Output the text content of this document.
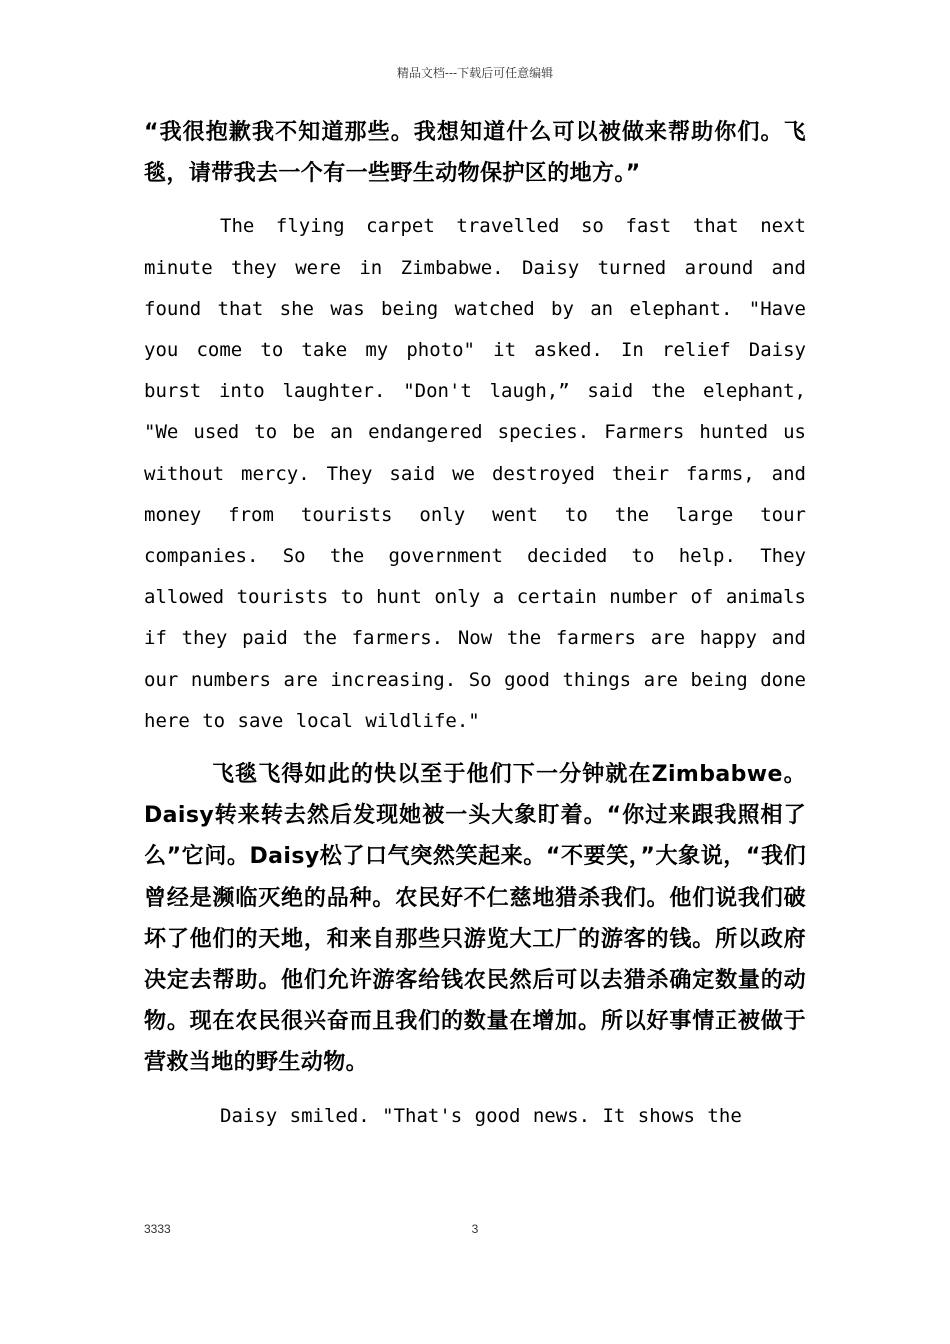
精品文档---下载后可任意编辑

“我很抱歉我不知道那些。我想知道什么可以被做来帮助你们。飞毯，请带我去一个有一些野生动物保护区的地方。”

The flying carpet travelled so fast that next minute they were in Zimbabwe. Daisy turned around and found that she was being watched by an elephant. "Have you come to take my photo" it asked. In relief Daisy burst into laughter. "Don't laugh,” said the elephant, "We used to be an endangered species. Farmers hunted us without mercy. They said we destroyed their farms, and money from tourists only went to the large tour companies. So the government decided to help. They allowed tourists to hunt only a certain number of animals if they paid the farmers. Now the farmers are happy and our numbers are increasing. So good things are being done here to save local wildlife."

飞毯飞得如此的快以至于他们下一分钟就在Zimbabwe。Daisy转来转去然后发现她被一头大象盯着。“你过来跟我照相了么”它问。Daisy松了口气突然笑起来。“不要笑，”大象说，“我们曾经是濒临灭绝的品种。农民好不仁慈地猎杀我们。他们说我们破坏了他们的天地，和来自那些只游览大工厂的游客的钱。所以政府决定去帮助。他们允许游客给钱农民然后可以去猎杀确定数量的动物。现在农民很兴奋而且我们的数量在增加。所以好事情正被做于营救当地的野生动物。

Daisy smiled. "That's good news. It shows the

3333	3
